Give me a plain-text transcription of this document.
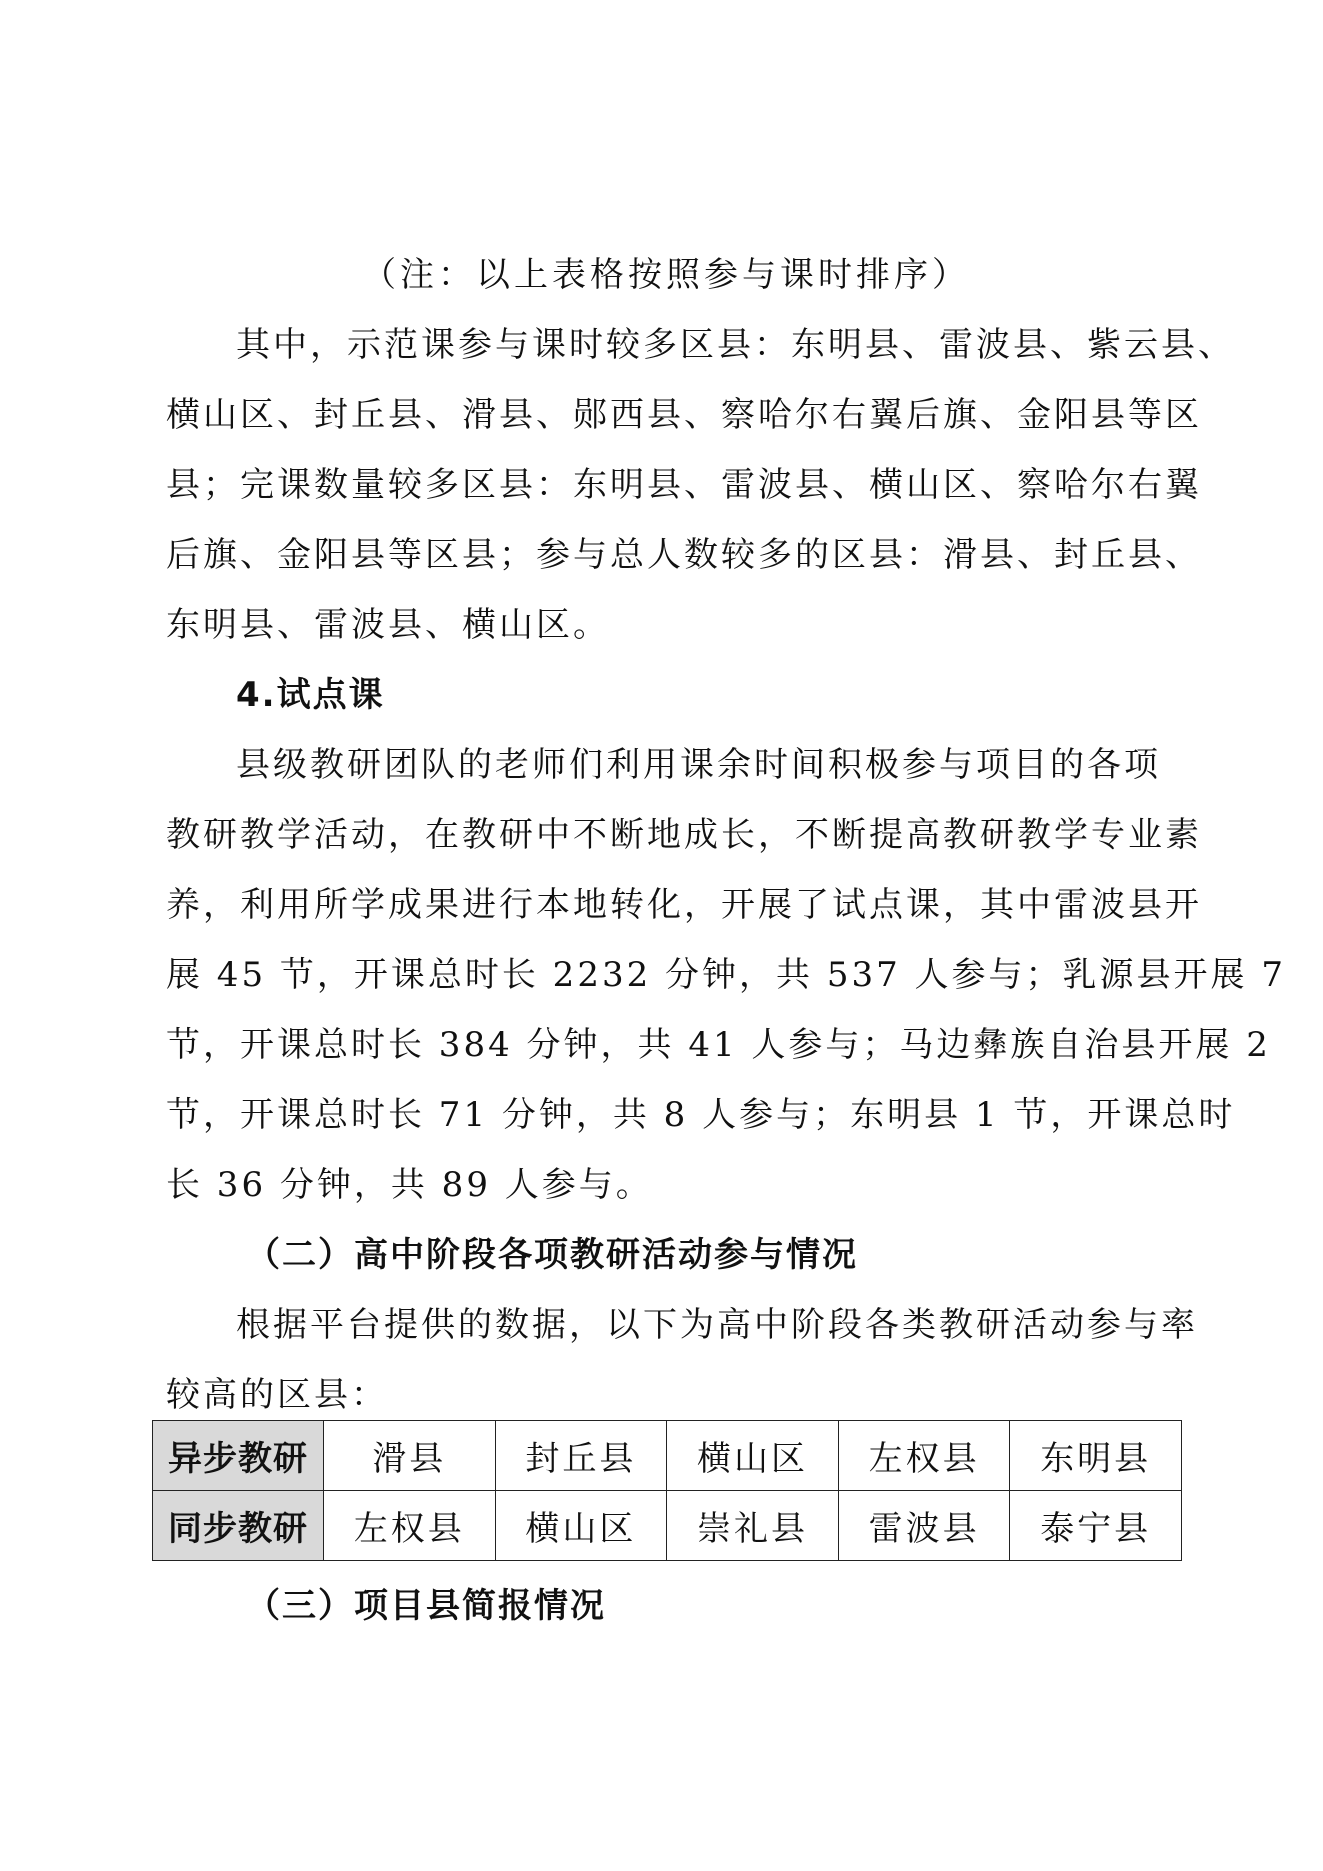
（注：以上表格按照参与课时排序）
其中，示范课参与课时较多区县：东明县、雷波县、紫云县、
横山区、封丘县、滑县、郧西县、察哈尔右翼后旗、金阳县等区
县；完课数量较多区县：东明县、雷波县、横山区、察哈尔右翼
后旗、金阳县等区县；参与总人数较多的区县：滑县、封丘县、
东明县、雷波县、横山区。
4.试点课
县级教研团队的老师们利用课余时间积极参与项目的各项
教研教学活动，在教研中不断地成长，不断提高教研教学专业素
养，利用所学成果进行本地转化，开展了试点课，其中雷波县开
展 45 节，开课总时长 2232 分钟，共 537 人参与；乳源县开展 7
节，开课总时长 384 分钟，共 41 人参与；马边彝族自治县开展 2
节，开课总时长 71 分钟，共 8 人参与；东明县 1 节，开课总时
长 36 分钟，共 89 人参与。
（二）高中阶段各项教研活动参与情况
根据平台提供的数据，以下为高中阶段各类教研活动参与率
较高的区县：
异步教研	滑县	封丘县	横山区	左权县	东明县
同步教研	左权县	横山区	崇礼县	雷波县	泰宁县
（三）项目县简报情况
